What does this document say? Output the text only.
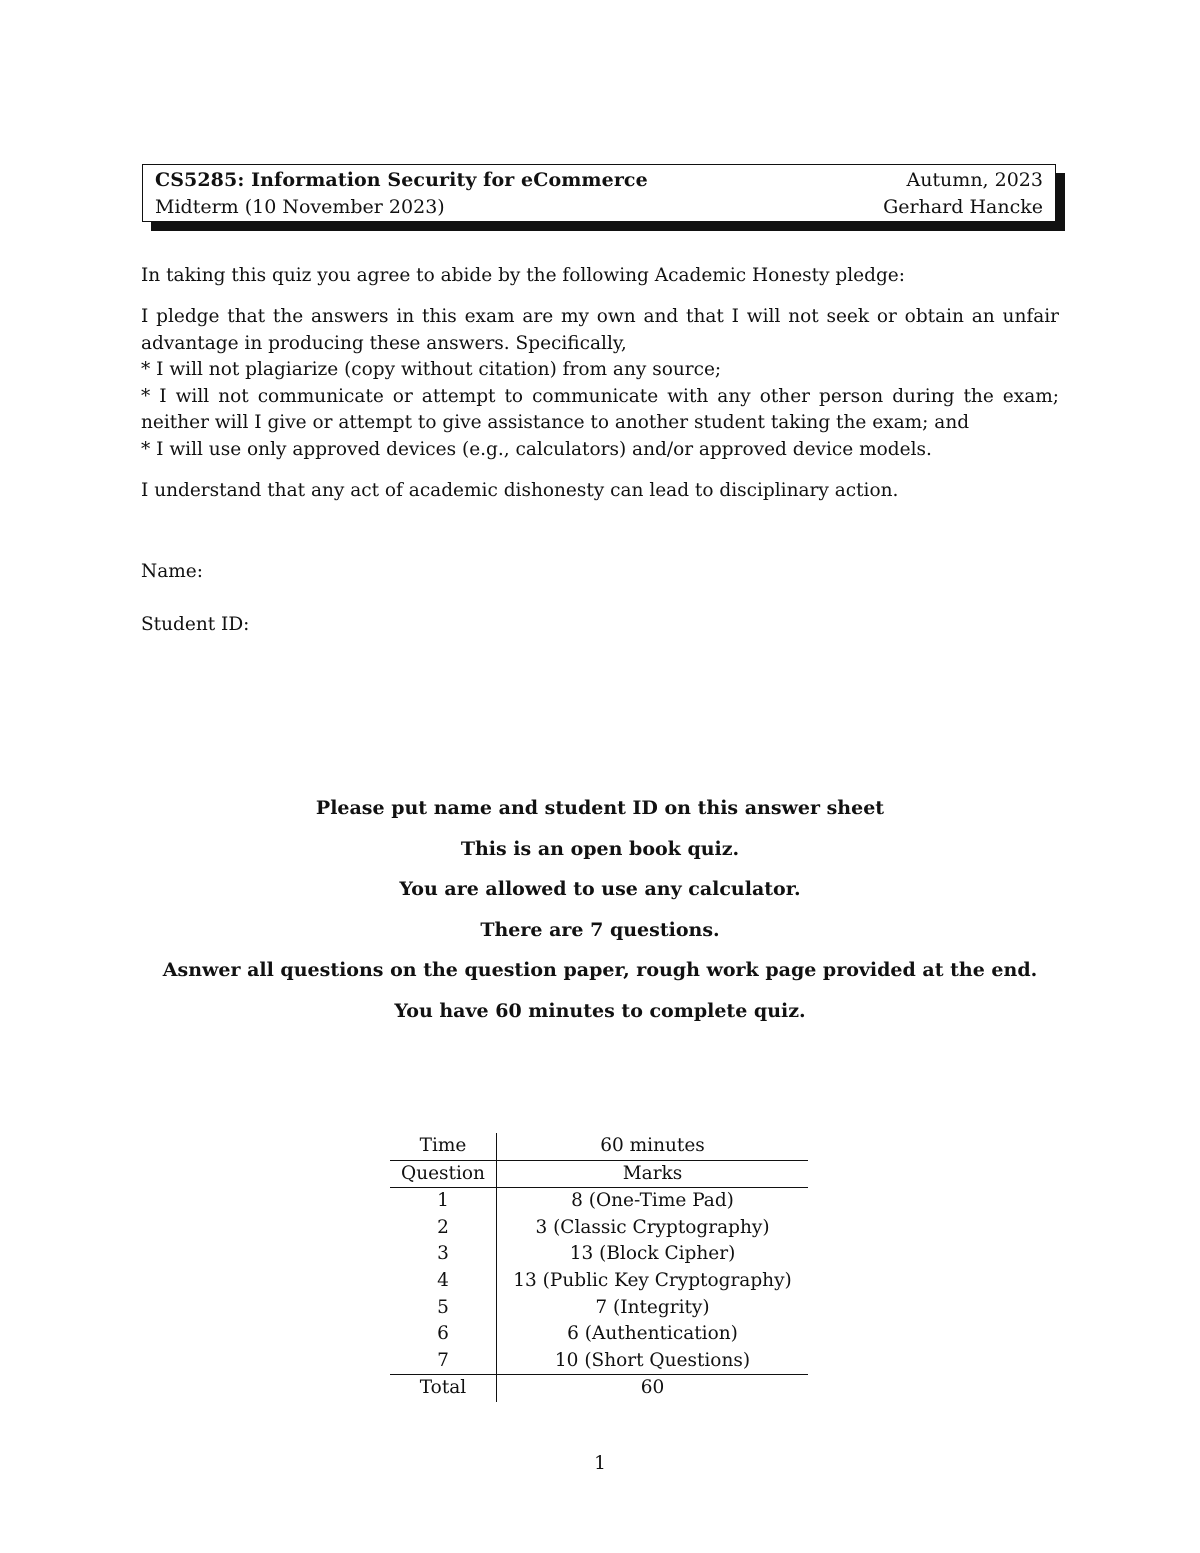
CS5285: Information Security for eCommerce	Autumn, 2023
Midterm (10 November 2023)	Gerhard Hancke
In taking this quiz you agree to abide by the following Academic Honesty pledge:
I pledge that the answers in this exam are my own and that I will not seek or obtain an unfair
advantage in producing these answers. Specifically,
* I will not plagiarize (copy without citation) from any source;
* I will not communicate or attempt to communicate with any other person during the exam;
neither will I give or attempt to give assistance to another student taking the exam; and
* I will use only approved devices (e.g., calculators) and/or approved device models.
I understand that any act of academic dishonesty can lead to disciplinary action.
Name:
Student ID:
Please put name and student ID on this answer sheet
This is an open book quiz.
You are allowed to use any calculator.
There are 7 questions.
Asnwer all questions on the question paper, rough work page provided at the end.
You have 60 minutes to complete quiz.
Time	60 minutes
Question	Marks
1	8 (One-Time Pad)
2	3 (Classic Cryptography)
3	13 (Block Cipher)
4	13 (Public Key Cryptography)
5	7 (Integrity)
6	6 (Authentication)
7	10 (Short Questions)
Total	60
1
